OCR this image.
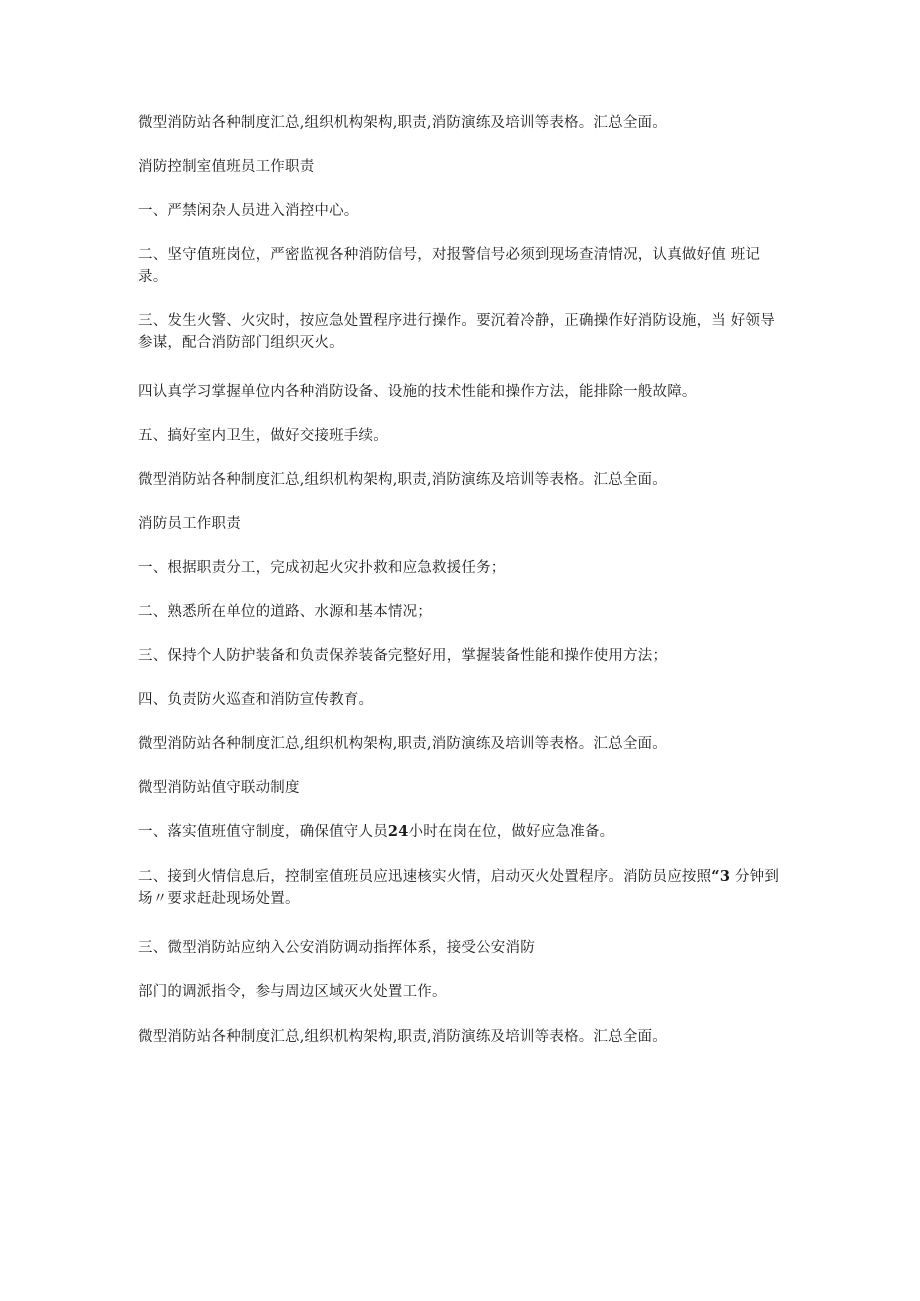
微型消防站各种制度汇总,组织机构架构,职责,消防演练及培训等表格。汇总全面。
消防控制室值班员工作职责
一、严禁闲杂人员进入消控中心。
二、坚守值班岗位，严密监视各种消防信号，对报警信号必须到现场查清情况，认真做好值 班记录。
三、发生火警、火灾时，按应急处置程序进行操作。要沉着冷静，正确操作好消防设施，当 好领导参谋，配合消防部门组织灭火。
四认真学习掌握单位内各种消防设备、设施的技术性能和操作方法，能排除一般故障。
五、搞好室内卫生，做好交接班手续。
微型消防站各种制度汇总,组织机构架构,职责,消防演练及培训等表格。汇总全面。
消防员工作职责
一、根据职责分工，完成初起火灾扑救和应急救援任务；
二、熟悉所在单位的道路、水源和基本情况；
三、保持个人防护装备和负责保养装备完整好用，掌握装备性能和操作使用方法；
四、负责防火巡查和消防宣传教育。
微型消防站各种制度汇总,组织机构架构,职责,消防演练及培训等表格。汇总全面。
微型消防站值守联动制度
一、落实值班值守制度，确保值守人员24小时在岗在位，做好应急准备。
二、接到火情信息后，控制室值班员应迅速核实火情，启动灭火处置程序。消防员应按照“3 分钟到场〃要求赶赴现场处置。
三、微型消防站应纳入公安消防调动指挥体系，接受公安消防
部门的调派指令，参与周边区域灭火处置工作。
微型消防站各种制度汇总,组织机构架构,职责,消防演练及培训等表格。汇总全面。
